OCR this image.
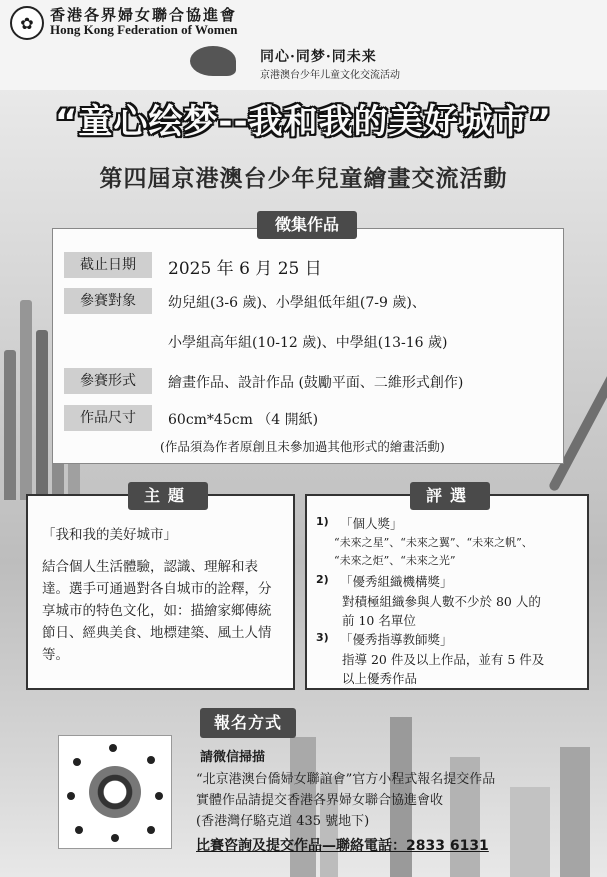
✿	香港各界婦女聯合協進會
Hong Kong Federation of Women
同心·同梦·同未来
京港澳台少年儿童文化交流活动
“童心绘梦--我和我的美好城市”
第四屆京港澳台少年兒童繪畫交流活動
徵集作品
截止日期	2025 年 6 月 25 日
參賽對象	幼兒組(3-6 歲)、小學組低年組(7-9 歲)、
小學組高年組(10-12 歲)、中學組(13-16 歲)
參賽形式	繪畫作品、設計作品 (鼓勵平面、二維形式創作)
作品尺寸	60cm*45cm （4 開紙)
(作品須為作者原創且未參加過其他形式的繪畫活動)
主題
「我和我的美好城市」
結合個人生活體驗，認識、理解和表達。選手可通過對各自城市的詮釋，分享城市的特色文化，如：描繪家鄉傳統節日、經典美食、地標建築、風土人情等。
評選
1) 「個人獎」
“未來之星”、“未來之翼”、“未來之帆”、
“未來之炬”、“未來之光”
2) 「優秀組織機構獎」
對積極組織參與人數不少於 80 人的
前 10 名單位
3) 「優秀指導教師獎」
指導 20 件及以上作品，並有 5 件及
以上優秀作品
報名方式
請微信掃描
“北京港澳台僑婦女聯誼會”官方小程式報名提交作品
實體作品請提交香港各界婦女聯合協進會收
(香港灣仔駱克道 435 號地下)
比賽咨詢及提交作品—聯絡電話：2833 6131
